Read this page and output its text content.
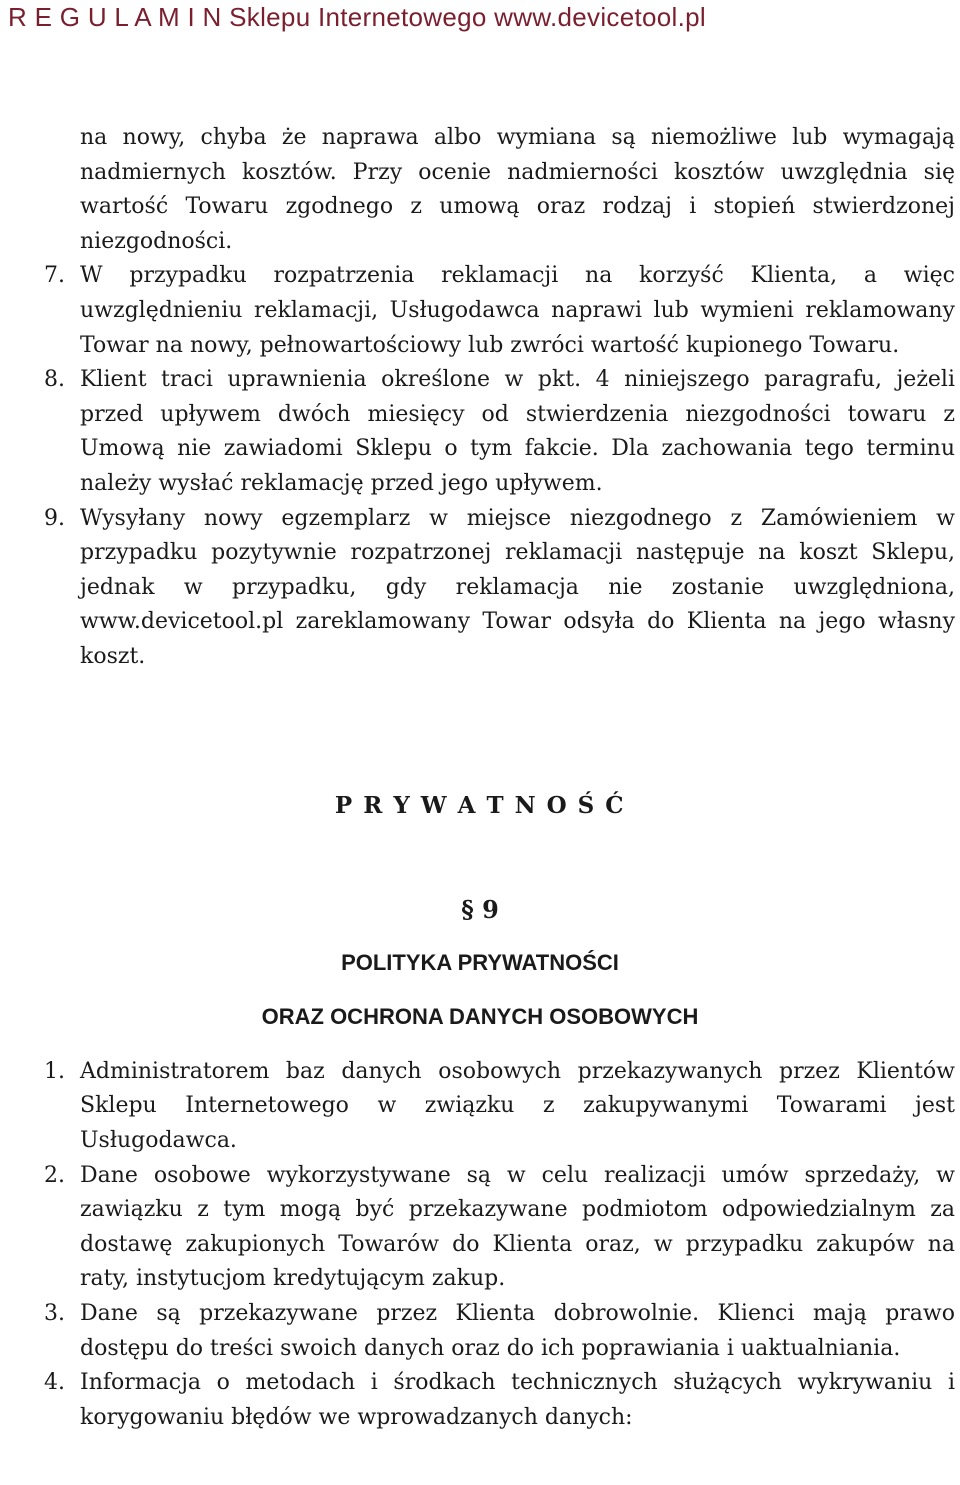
R E G U L A M I N Sklepu Internetowego www.devicetool.pl

na nowy, chyba że naprawa albo wymiana są niemożliwe lub wymagają nadmiernych kosztów. Przy ocenie nadmierności kosztów uwzględnia się wartość Towaru zgodnego z umową oraz rodzaj i stopień stwierdzonej niezgodności.

7. W przypadku rozpatrzenia reklamacji na korzyść Klienta, a więc uwzględnieniu reklamacji, Usługodawca naprawi lub wymieni reklamowany Towar na nowy, pełnowartościowy lub zwróci wartość kupionego Towaru.
8. Klient traci uprawnienia określone w pkt. 4 niniejszego paragrafu, jeżeli przed upływem dwóch miesięcy od stwierdzenia niezgodności towaru z Umową nie zawiadomi Sklepu o tym fakcie. Dla zachowania tego terminu należy wysłać reklamację przed jego upływem.
9. Wysyłany nowy egzemplarz w miejsce niezgodnego z Zamówieniem w przypadku pozytywnie rozpatrzonej reklamacji następuje na koszt Sklepu, jednak w przypadku, gdy reklamacja nie zostanie uwzględniona, www.devicetool.pl zareklamowany Towar odsyła do Klienta na jego własny koszt.

P R Y W A T N O Ś Ć

§ 9

POLITYKA PRYWATNOŚCI

ORAZ OCHRONA DANYCH OSOBOWYCH

1. Administratorem baz danych osobowych przekazywanych przez Klientów Sklepu Internetowego w związku z zakupywanymi Towarami jest Usługodawca.
2. Dane osobowe wykorzystywane są w celu realizacji umów sprzedaży, w zawiązku z tym mogą być przekazywane podmiotom odpowiedzialnym za dostawę zakupionych Towarów do Klienta oraz, w przypadku zakupów na raty, instytucjom kredytującym zakup.
3. Dane są przekazywane przez Klienta dobrowolnie. Klienci mają prawo dostępu do treści swoich danych oraz do ich poprawiania i uaktualniania.
4. Informacja o metodach i środkach technicznych służących wykrywaniu i korygowaniu błędów we wprowadzanych danych:
